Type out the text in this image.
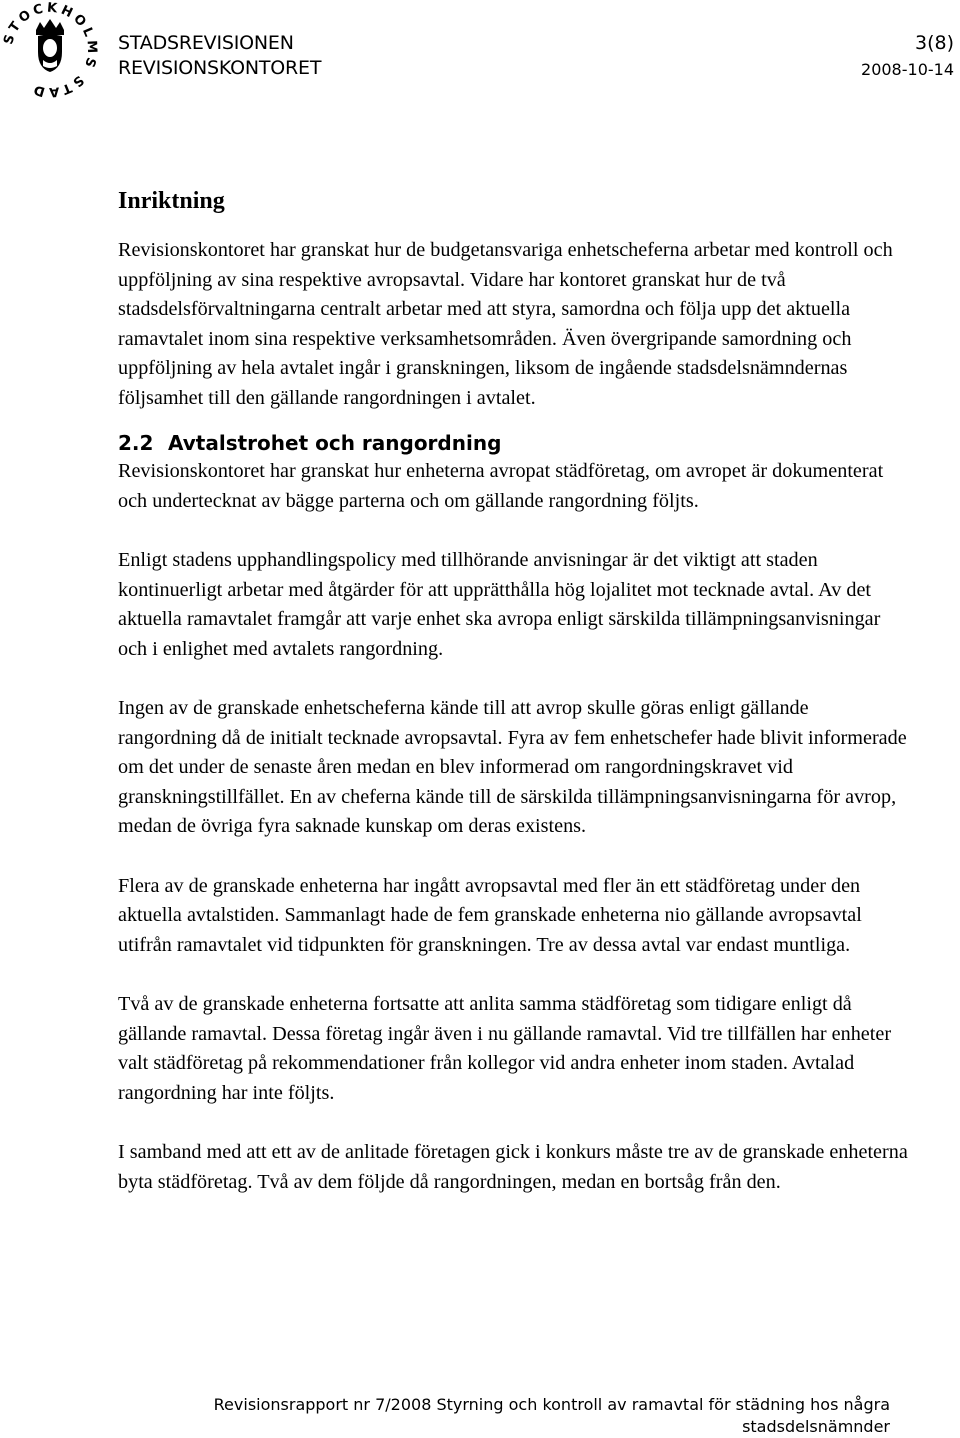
STOCKHOLMS STAD
STADSREVISIONEN
REVISIONSKONTORET
3(8)
2008-10-14
Inriktning

Revisionskontoret har granskat hur de budgetansvariga enhetscheferna arbetar med kontroll och uppföljning av sina respektive avropsavtal. Vidare har kontoret granskat hur de två stadsdelsförvaltningarna centralt arbetar med att styra, samordna och följa upp det aktuella ramavtalet inom sina respektive verksamhetsområden. Även övergripande samordning och uppföljning av hela avtalet ingår i granskningen, liksom de ingående stadsdelsnämndernas följsamhet till den gällande rangordningen i avtalet.

2.2 Avtalstrohet och rangordning

Revisionskontoret har granskat hur enheterna avropat städföretag, om avropet är dokumenterat och undertecknat av bägge parterna och om gällande rangordning följts.

Enligt stadens upphandlingspolicy med tillhörande anvisningar är det viktigt att staden kontinuerligt arbetar med åtgärder för att upprätthålla hög lojalitet mot tecknade avtal. Av det aktuella ramavtalet framgår att varje enhet ska avropa enligt särskilda tillämpningsanvisningar och i enlighet med avtalets rangordning.

Ingen av de granskade enhetscheferna kände till att avrop skulle göras enligt gällande rangordning då de initialt tecknade avropsavtal. Fyra av fem enhetschefer hade blivit informerade om det under de senaste åren medan en blev informerad om rangordningskravet vid granskningstillfället. En av cheferna kände till de särskilda tillämpningsanvisningarna för avrop, medan de övriga fyra saknade kunskap om deras existens.

Flera av de granskade enheterna har ingått avropsavtal med fler än ett städföretag under den aktuella avtalstiden. Sammanlagt hade de fem granskade enheterna nio gällande avropsavtal utifrån ramavtalet vid tidpunkten för granskningen. Tre av dessa avtal var endast muntliga.

Två av de granskade enheterna fortsatte att anlita samma städföretag som tidigare enligt då gällande ramavtal. Dessa företag ingår även i nu gällande ramavtal. Vid tre tillfällen har enheter valt städföretag på rekommendationer från kollegor vid andra enheter inom staden. Avtalad rangordning har inte följts.

I samband med att ett av de anlitade företagen gick i konkurs måste tre av de granskade enheterna byta städföretag. Två av dem följde då rangordningen, medan en bortsåg från den.

Revisionsrapport nr 7/2008 Styrning och kontroll av ramavtal för städning hos några
stadsdelsnämnder
